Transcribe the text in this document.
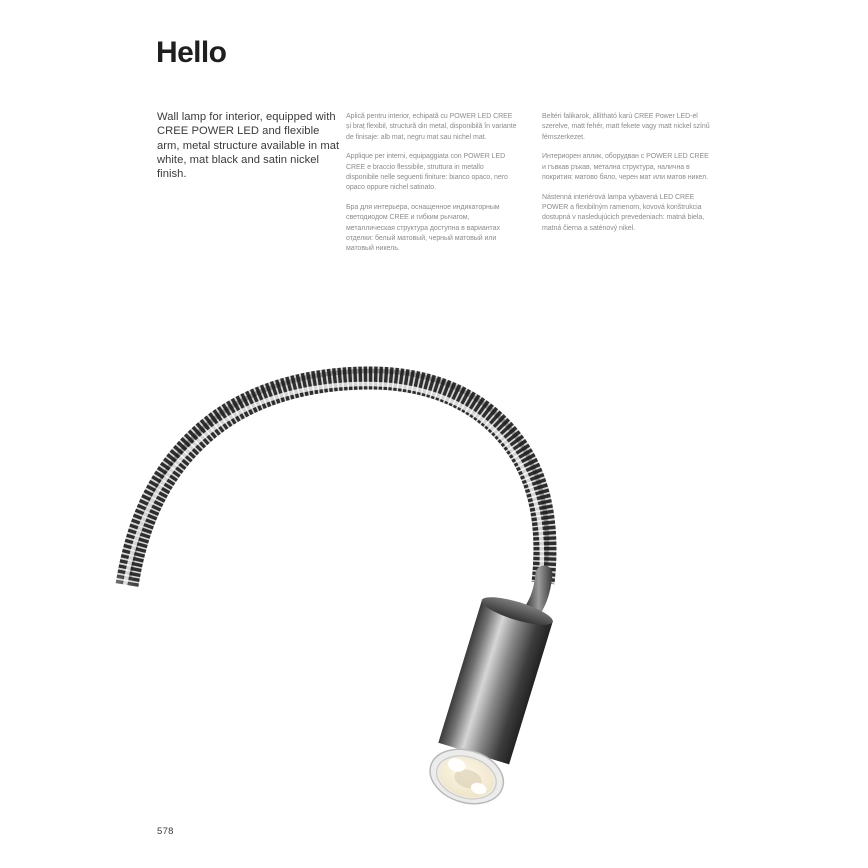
Hello
Wall lamp for interior, equipped with CREE POWER LED and flexible arm, metal structure available in mat white, mat black and satin nickel finish.

Aplică pentru interior, echipată cu POWER LED CREE și braț flexibil, structură din metal, disponibilă în variante de finisaje: alb mat, negru mat sau nichel mat.

Applique per interni, equipaggiata con POWER LED CREE e braccio flessibile, struttura in metallo disponibile nelle seguenti finiture: bianco opaco, nero opaco oppure nichel satinato.

Бра для интерьера, оснащенное индикаторным светодиодом CREE и гибким рычагом, металлическая структура доступна в вариантах отделки: белый матовый, черный матовый или матовый никель.

Beltéri falikarok, állítható karú CREE Power LED-el szerelve, matt fehér, matt fekete vagy matt nickel színű fémszerkezet.

Интериорен аплик, оборудван с POWER LED CREE и гъвкав ръкав, метална структура, налична в покрития: матово бяло, черен мат или матов никел.

Nástenná interiérová lampa vybavená LED CREE POWER a flexibilným ramenom, kovová konštrukcia dostupná v nasledujúcich prevedeniach: matná biela, matná čierna a saténový nikel.

578
